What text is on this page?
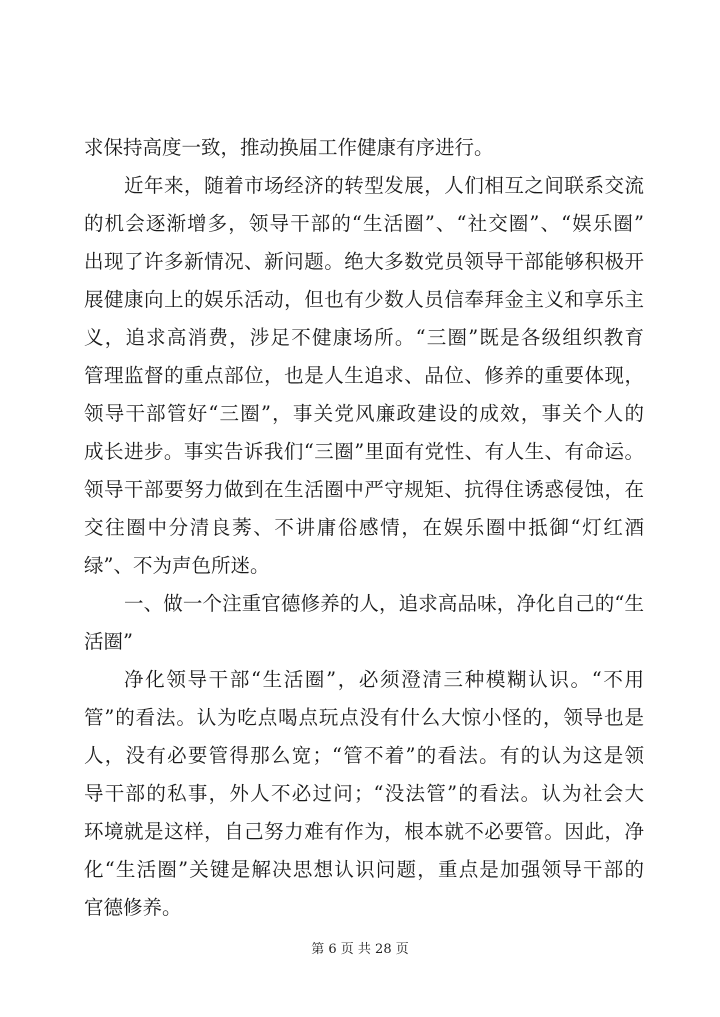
求保持高度一致，推动换届工作健康有序进行。
近年来，随着市场经济的转型发展，人们相互之间联系交流
的机会逐渐增多，领导干部的“生活圈”、“社交圈”、“娱乐圈”
出现了许多新情况、新问题。绝大多数党员领导干部能够积极开
展健康向上的娱乐活动，但也有少数人员信奉拜金主义和享乐主
义，追求高消费，涉足不健康场所。“三圈”既是各级组织教育
管理监督的重点部位，也是人生追求、品位、修养的重要体现，
领导干部管好“三圈”，事关党风廉政建设的成效，事关个人的
成长进步。事实告诉我们“三圈”里面有党性、有人生、有命运。
领导干部要努力做到在生活圈中严守规矩、抗得住诱惑侵蚀，在
交往圈中分清良莠、不讲庸俗感情，在娱乐圈中抵御“灯红酒
绿”、不为声色所迷。
一、做一个注重官德修养的人，追求高品味，净化自己的“生
活圈”
净化领导干部“生活圈”，必须澄清三种模糊认识。“不用
管”的看法。认为吃点喝点玩点没有什么大惊小怪的，领导也是
人，没有必要管得那么宽；“管不着”的看法。有的认为这是领
导干部的私事，外人不必过问；“没法管”的看法。认为社会大
环境就是这样，自己努力难有作为，根本就不必要管。因此，净
化“生活圈”关键是解决思想认识问题，重点是加强领导干部的
官德修养。
第 6 页 共 28 页
